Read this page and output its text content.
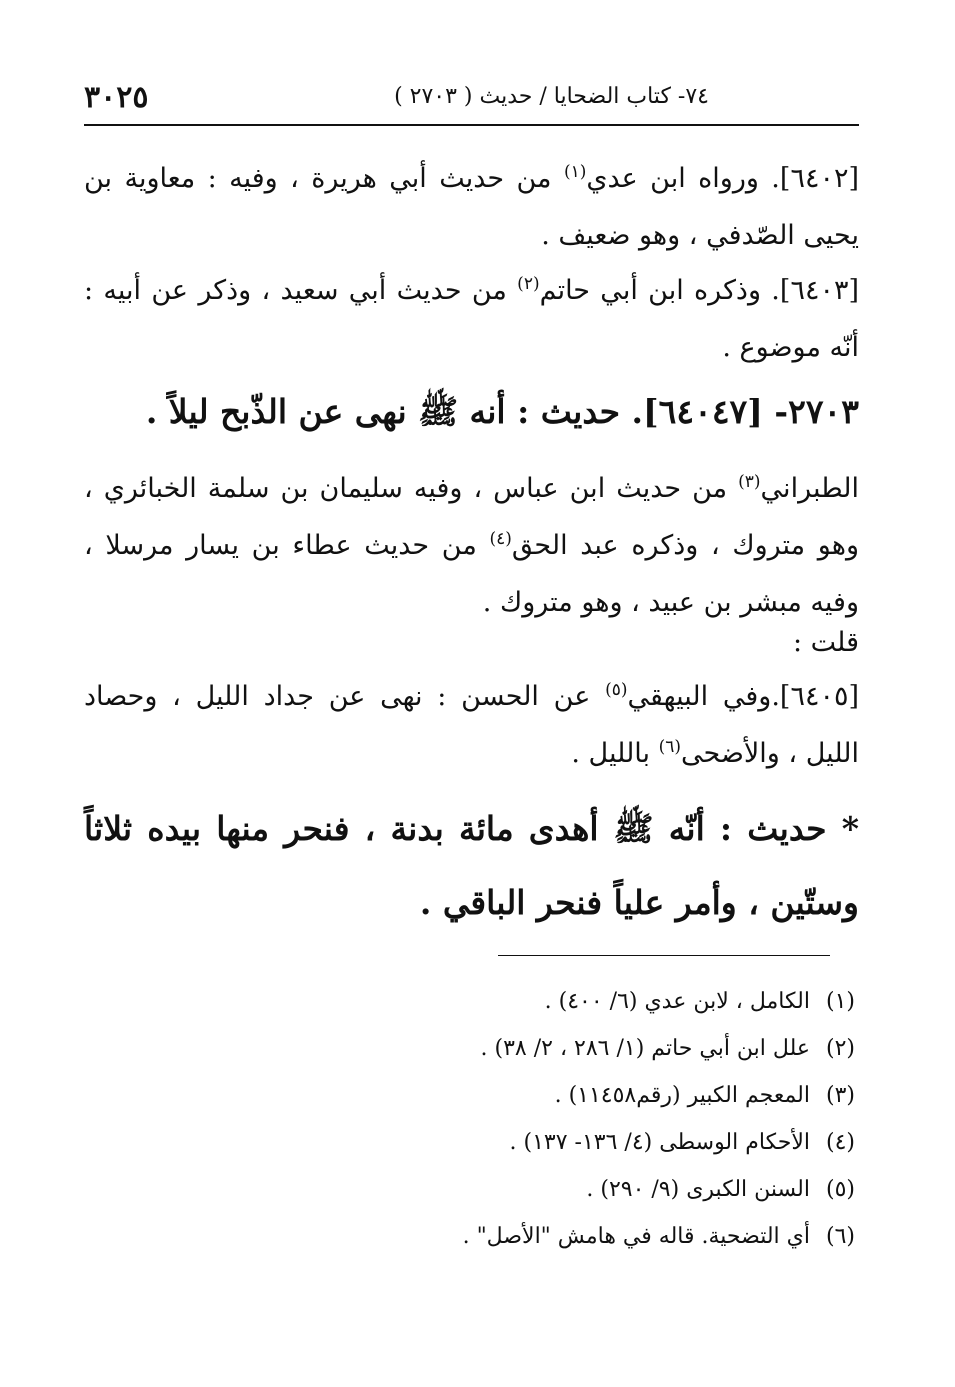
٣٠٢٥	٧٤- كتاب الضحايا / حديث ( ٢٧٠٣ )
[٦٤٠٢]. ورواه ابن عدي$^{(١)}$ من حديث أبي هريرة ، وفيه : معاوية بن يحيى الصّدفي ، وهو ضعيف .
[٦٤٠٣]. وذكره ابن أبي حاتم$^{(٢)}$ من حديث أبي سعيد ، وذكر عن أبيه : أنّه موضوع .
٢٧٠٣- [٦٤٠٤٧]. حديث : أنه ﷺ نهى عن الذّبح ليلاً .
الطبراني$^{(٣)}$ من حديث ابن عباس ، وفيه سليمان بن سلمة الخبائري ، وهو متروك ، وذكره عبد الحق$^{(٤)}$ من حديث عطاء بن يسار مرسلا ، وفيه مبشر بن عبيد ، وهو متروك .
قلت :
[٦٤٠٥].وفي البيهقي$^{(٥)}$ عن الحسن : نهى عن جداد الليل ، وحصاد الليل ، والأضحى$^{(٦)}$ بالليل .
* حديث : أنّه ﷺ أهدى مائة بدنة ، فنحر منها بيده ثلاثاً وستّين ، وأمر علياً فنحر الباقي .
(١)الكامل ، لابن عدي (٦/ ٤٠٠) .
(٢)علل ابن أبي حاتم (١/ ٢٨٦ ، ٢/ ٣٨) .
(٣)المعجم الكبير (رقم١١٤٥٨) .
(٤)الأحكام الوسطى (٤/ ١٣٦- ١٣٧) .
(٥)السنن الكبرى (٩/ ٢٩٠) .
(٦)أي التضحية. قاله في هامش "الأصل" .
